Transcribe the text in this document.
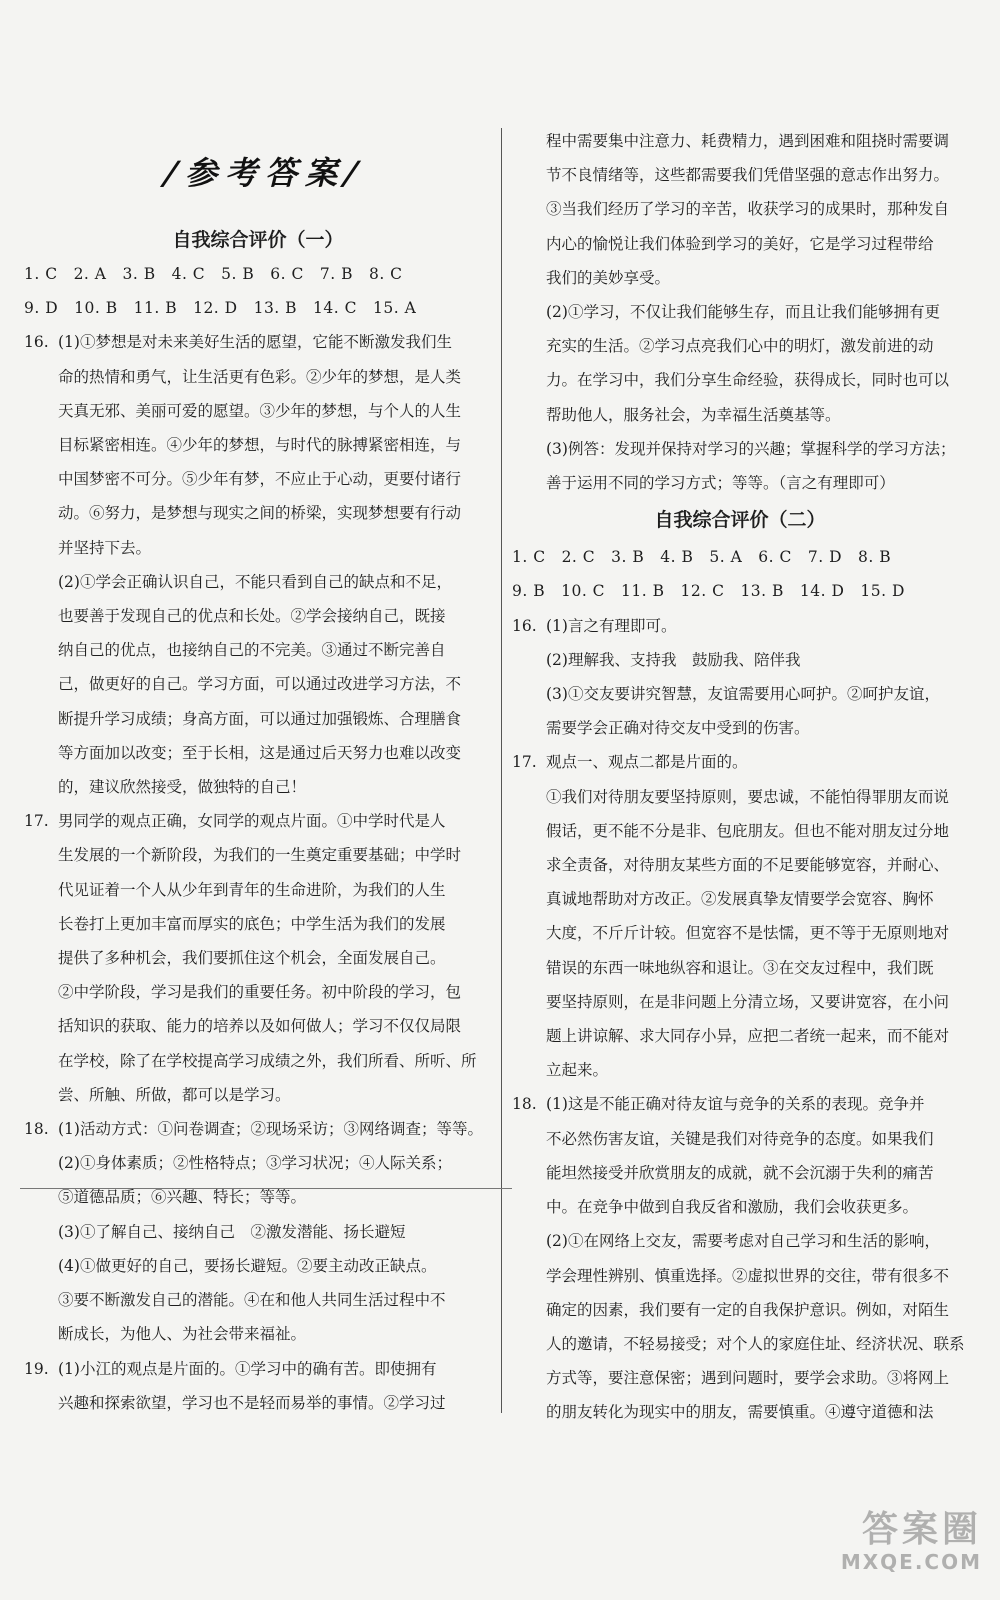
/参考答案/
自我综合评价（一）
1. C　2. A　3. B　4. C　5. B　6. C　7. B　8. C
9. D　10. B　11. B　12. D　13. B　14. C　15. A
16. (1)①梦想是对未来美好生活的愿望，它能不断激发我们生
命的热情和勇气，让生活更有色彩。②少年的梦想，是人类
天真无邪、美丽可爱的愿望。③少年的梦想，与个人的人生
目标紧密相连。④少年的梦想，与时代的脉搏紧密相连，与
中国梦密不可分。⑤少年有梦，不应止于心动，更要付诸行
动。⑥努力，是梦想与现实之间的桥梁，实现梦想要有行动
并坚持下去。
(2)①学会正确认识自己，不能只看到自己的缺点和不足，
也要善于发现自己的优点和长处。②学会接纳自己，既接
纳自己的优点，也接纳自己的不完美。③通过不断完善自
己，做更好的自己。学习方面，可以通过改进学习方法，不
断提升学习成绩；身高方面，可以通过加强锻炼、合理膳食
等方面加以改变；至于长相，这是通过后天努力也难以改变
的，建议欣然接受，做独特的自己！
17. 男同学的观点正确，女同学的观点片面。①中学时代是人
生发展的一个新阶段，为我们的一生奠定重要基础；中学时
代见证着一个人从少年到青年的生命进阶，为我们的人生
长卷打上更加丰富而厚实的底色；中学生活为我们的发展
提供了多种机会，我们要抓住这个机会，全面发展自己。
②中学阶段，学习是我们的重要任务。初中阶段的学习，包
括知识的获取、能力的培养以及如何做人；学习不仅仅局限
在学校，除了在学校提高学习成绩之外，我们所看、所听、所
尝、所触、所做，都可以是学习。
18. (1)活动方式：①问卷调查；②现场采访；③网络调查；等等。
(2)①身体素质；②性格特点；③学习状况；④人际关系；
⑤道德品质；⑥兴趣、特长；等等。
(3)①了解自己、接纳自己　②激发潜能、扬长避短
(4)①做更好的自己，要扬长避短。②要主动改正缺点。
③要不断激发自己的潜能。④在和他人共同生活过程中不
断成长，为他人、为社会带来福祉。
19. (1)小江的观点是片面的。①学习中的确有苦。即使拥有
兴趣和探索欲望，学习也不是轻而易举的事情。②学习过
程中需要集中注意力、耗费精力，遇到困难和阻挠时需要调
节不良情绪等，这些都需要我们凭借坚强的意志作出努力。
③当我们经历了学习的辛苦，收获学习的成果时，那种发自
内心的愉悦让我们体验到学习的美好，它是学习过程带给
我们的美妙享受。
(2)①学习，不仅让我们能够生存，而且让我们能够拥有更
充实的生活。②学习点亮我们心中的明灯，激发前进的动
力。在学习中，我们分享生命经验，获得成长，同时也可以
帮助他人，服务社会，为幸福生活奠基等。
(3)例答：发现并保持对学习的兴趣；掌握科学的学习方法；
善于运用不同的学习方式；等等。（言之有理即可）
自我综合评价（二）
1. C　2. C　3. B　4. B　5. A　6. C　7. D　8. B
9. B　10. C　11. B　12. C　13. B　14. D　15. D
16. (1)言之有理即可。
(2)理解我、支持我　鼓励我、陪伴我
(3)①交友要讲究智慧，友谊需要用心呵护。②呵护友谊，
需要学会正确对待交友中受到的伤害。
17. 观点一、观点二都是片面的。
①我们对待朋友要坚持原则，要忠诚，不能怕得罪朋友而说
假话，更不能不分是非、包庇朋友。但也不能对朋友过分地
求全责备，对待朋友某些方面的不足要能够宽容，并耐心、
真诚地帮助对方改正。②发展真挚友情要学会宽容、胸怀
大度，不斤斤计较。但宽容不是怯懦，更不等于无原则地对
错误的东西一味地纵容和退让。③在交友过程中，我们既
要坚持原则，在是非问题上分清立场，又要讲宽容，在小问
题上讲谅解、求大同存小异，应把二者统一起来，而不能对
立起来。
18. (1)这是不能正确对待友谊与竞争的关系的表现。竞争并
不必然伤害友谊，关键是我们对待竞争的态度。如果我们
能坦然接受并欣赏朋友的成就，就不会沉溺于失利的痛苦
中。在竞争中做到自我反省和激励，我们会收获更多。
(2)①在网络上交友，需要考虑对自己学习和生活的影响，
学会理性辨别、慎重选择。②虚拟世界的交往，带有很多不
确定的因素，我们要有一定的自我保护意识。例如，对陌生
人的邀请，不轻易接受；对个人的家庭住址、经济状况、联系
方式等，要注意保密；遇到问题时，要学会求助。③将网上
的朋友转化为现实中的朋友，需要慎重。④遵守道德和法
答案圈
MXQE.COM
